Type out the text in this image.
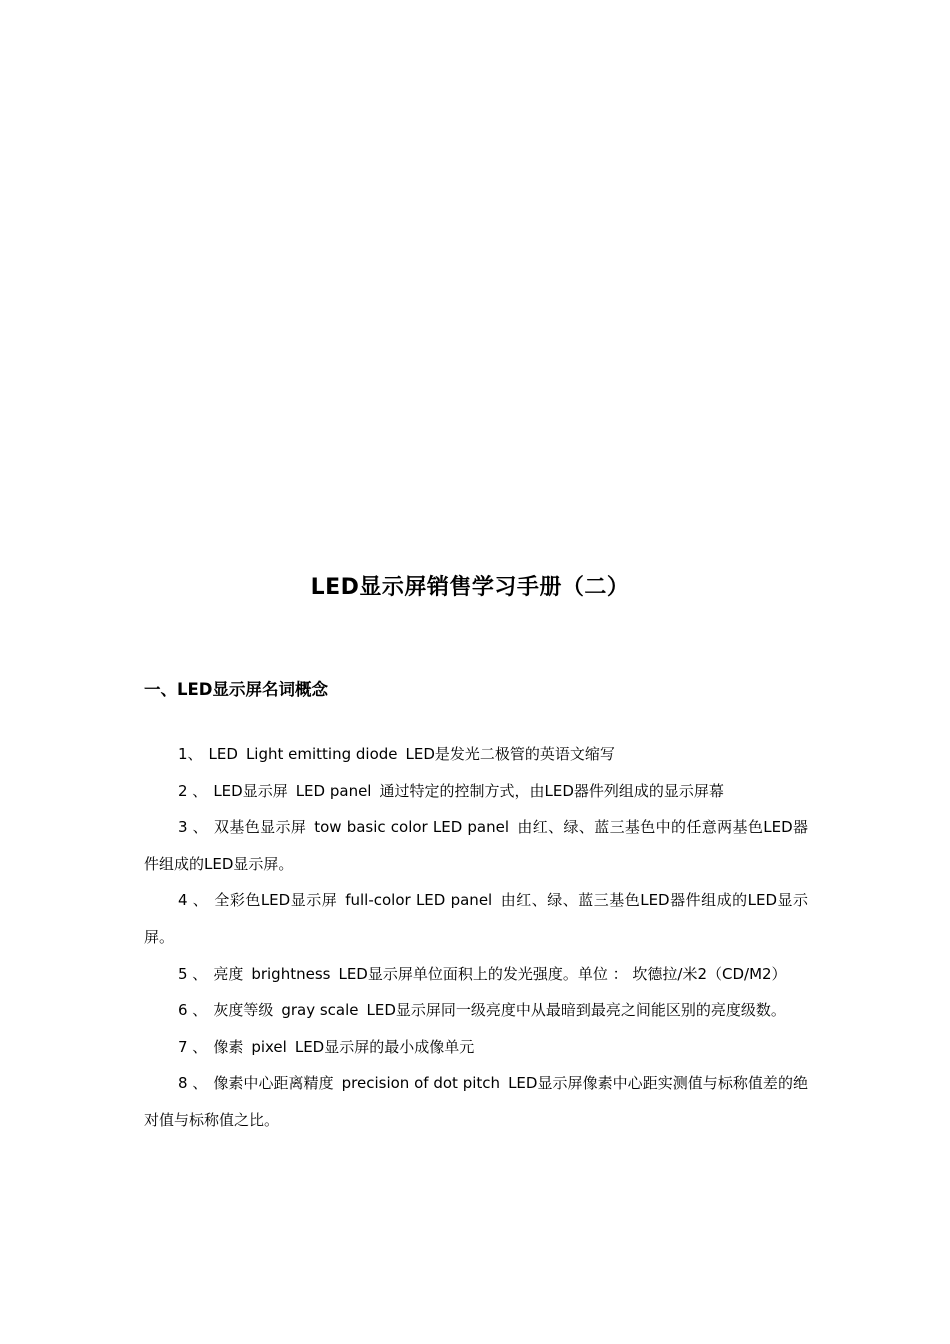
LED显示屏销售学习手册（二）
一、LED显示屏名词概念

1、 LED Light emitting diode LED是发光二极管的英语文缩写

2 、 LED显示屏 LED panel 通过特定的控制方式，由LED器件列组成的显示屏幕

3 、 双基色显示屏 tow basic color LED panel 由红、绿、蓝三基色中的任意两基色LED器件组成的LED显示屏。

4 、 全彩色LED显示屏 full-color LED panel 由红、绿、蓝三基色LED器件组成的LED显示屏。

5 、 亮度 brightness LED显示屏单位面积上的发光强度。单位 ： 坎德拉/米2（CD/M2）

6 、 灰度等级 gray scale LED显示屏同一级亮度中从最暗到最亮之间能区别的亮度级数。

7 、 像素 pixel LED显示屏的最小成像单元

8 、 像素中心距离精度 precision of dot pitch LED显示屏像素中心距实测值与标称值差的绝对值与标称值之比。
